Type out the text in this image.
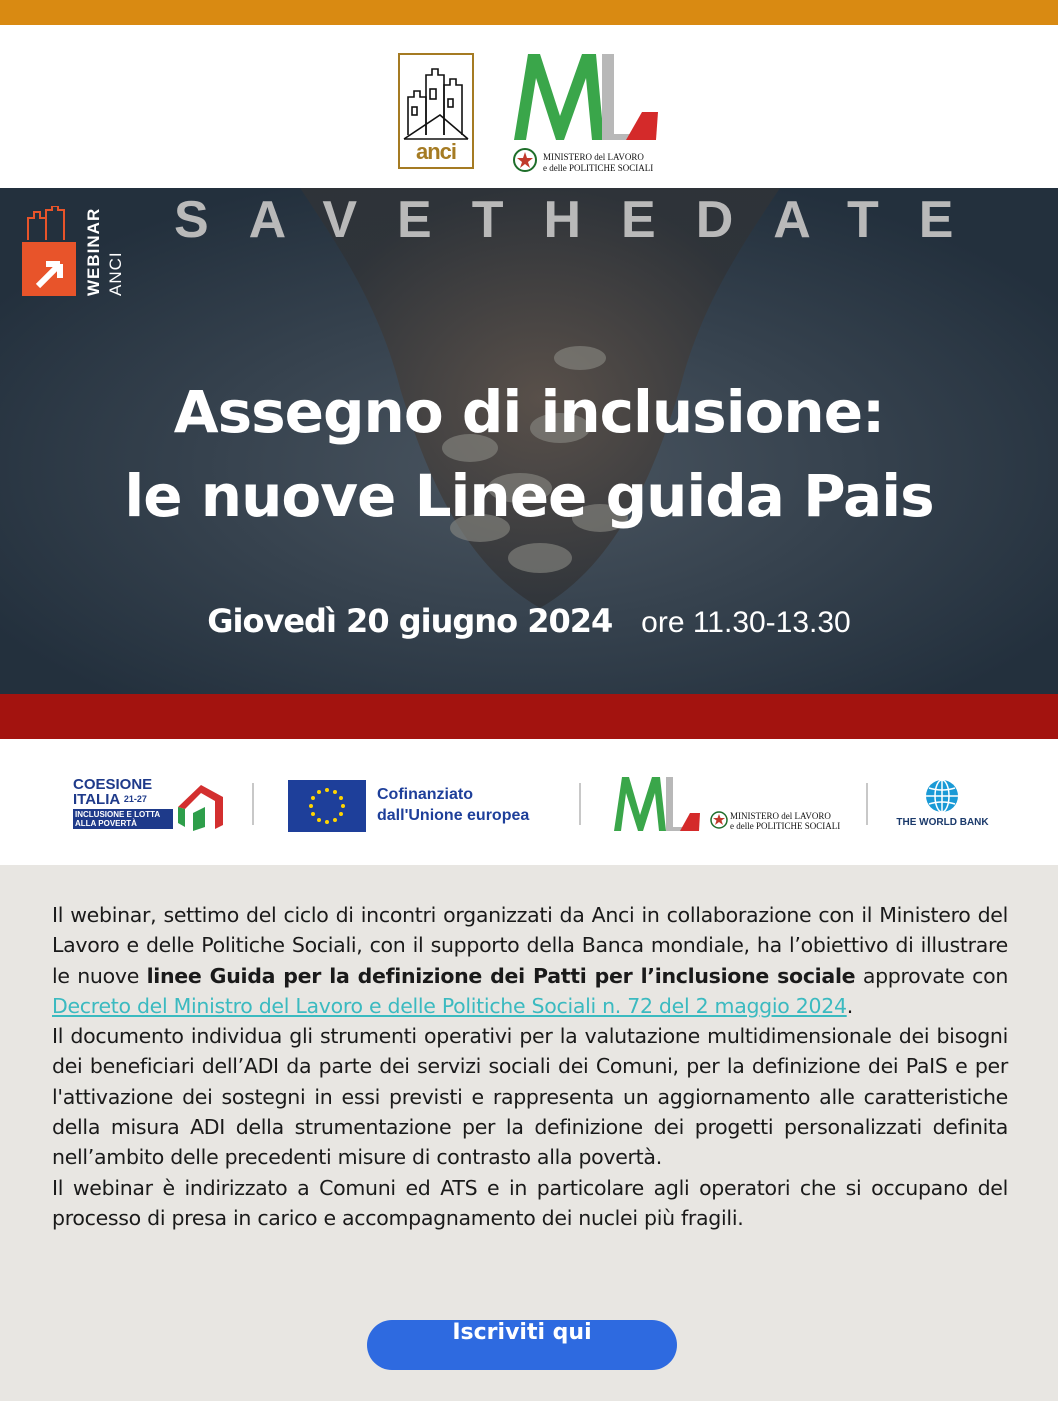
anci	MINISTERO del LAVORO
e delle POLITICHE SOCIALI
SAVETHEDATE
WEBINAR ANCI
Assegno di inclusione:
le nuove Linee guida Pais
Giovedì 20 giugno 2024 ore 11.30-13.30
COESIONE
ITALIA $^{21-27}$
INCLUSIONE E LOTTA
ALLA POVERTÀ
Cofinanziato
dall'Unione europea	MINISTERO del LAVORO
e delle POLITICHE SOCIALI	THE WORLD BANK
Il webinar, settimo del ciclo di incontri organizzati da Anci in collaborazione con il Ministero del Lavoro e delle Politiche Sociali, con il supporto della Banca mondiale, ha l’obiettivo di illustrare le nuove linee Guida per la definizione dei Patti per l’inclusione sociale approvate con Decreto del Ministro del Lavoro e delle Politiche Sociali n. 72 del 2 maggio 2024.
Il documento individua gli strumenti operativi per la valutazione multidimensionale dei bisogni dei beneficiari dell’ADI da parte dei servizi sociali dei Comuni, per la definizione dei PaIS e per l'attivazione dei sostegni in essi previsti e rappresenta un aggiornamento alle caratteristiche della misura ADI della strumentazione per la definizione dei progetti personalizzati definita nell’ambito delle precedenti misure di contrasto alla povertà.
Il webinar è indirizzato a Comuni ed ATS e in particolare agli operatori che si occupano del processo di presa in carico e accompagnamento dei nuclei più fragili.
Iscriviti qui
